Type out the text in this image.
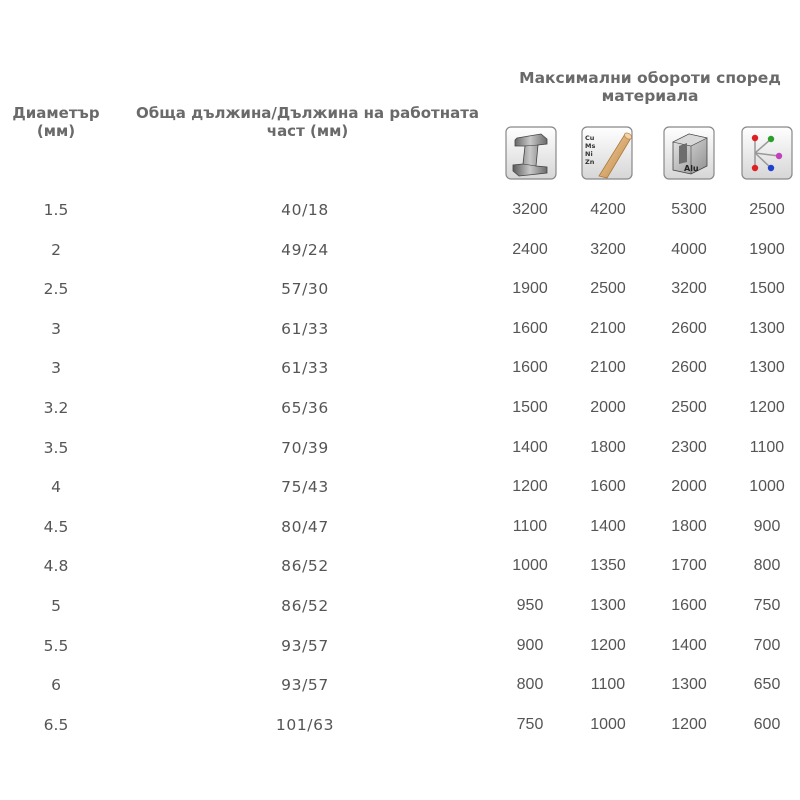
Диаметър
(мм)
Обща дължина/Дължина на работната
част (мм)
Максимални обороти според
материала
Cu
Ms
Ni
Zn
Alu
1.5	40/18	3200	4200	5300	2500
2	49/24	2400	3200	4000	1900
2.5	57/30	1900	2500	3200	1500
3	61/33	1600	2100	2600	1300
3	61/33	1600	2100	2600	1300
3.2	65/36	1500	2000	2500	1200
3.5	70/39	1400	1800	2300	1100
4	75/43	1200	1600	2000	1000
4.5	80/47	1100	1400	1800	900
4.8	86/52	1000	1350	1700	800
5	86/52	950	1300	1600	750
5.5	93/57	900	1200	1400	700
6	93/57	800	1100	1300	650
6.5	101/63	750	1000	1200	600
